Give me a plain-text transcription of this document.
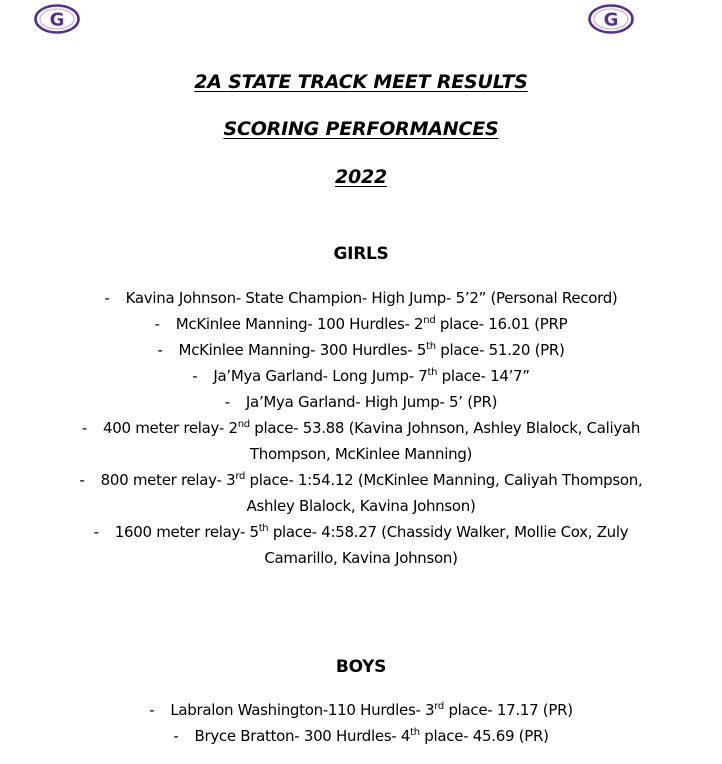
G	G
2A STATE TRACK MEET RESULTS
SCORING PERFORMANCES
2022
GIRLS
- Kavina Johnson- State Champion- High Jump- 5’2” (Personal Record)
- McKinlee Manning- 100 Hurdles- 2nd place- 16.01 (PRP
- McKinlee Manning- 300 Hurdles- 5th place- 51.20 (PR)
- Ja’Mya Garland- Long Jump- 7th place- 14’7”
- Ja’Mya Garland- High Jump- 5’ (PR)
- 400 meter relay- 2nd place- 53.88 (Kavina Johnson, Ashley Blalock, Caliyah
Thompson, McKinlee Manning)
- 800 meter relay- 3rd place- 1:54.12 (McKinlee Manning, Caliyah Thompson,
Ashley Blalock, Kavina Johnson)
- 1600 meter relay- 5th place- 4:58.27 (Chassidy Walker, Mollie Cox, Zuly
Camarillo, Kavina Johnson)
BOYS
- Labralon Washington-110 Hurdles- 3rd place- 17.17 (PR)
- Bryce Bratton- 300 Hurdles- 4th place- 45.69 (PR)
